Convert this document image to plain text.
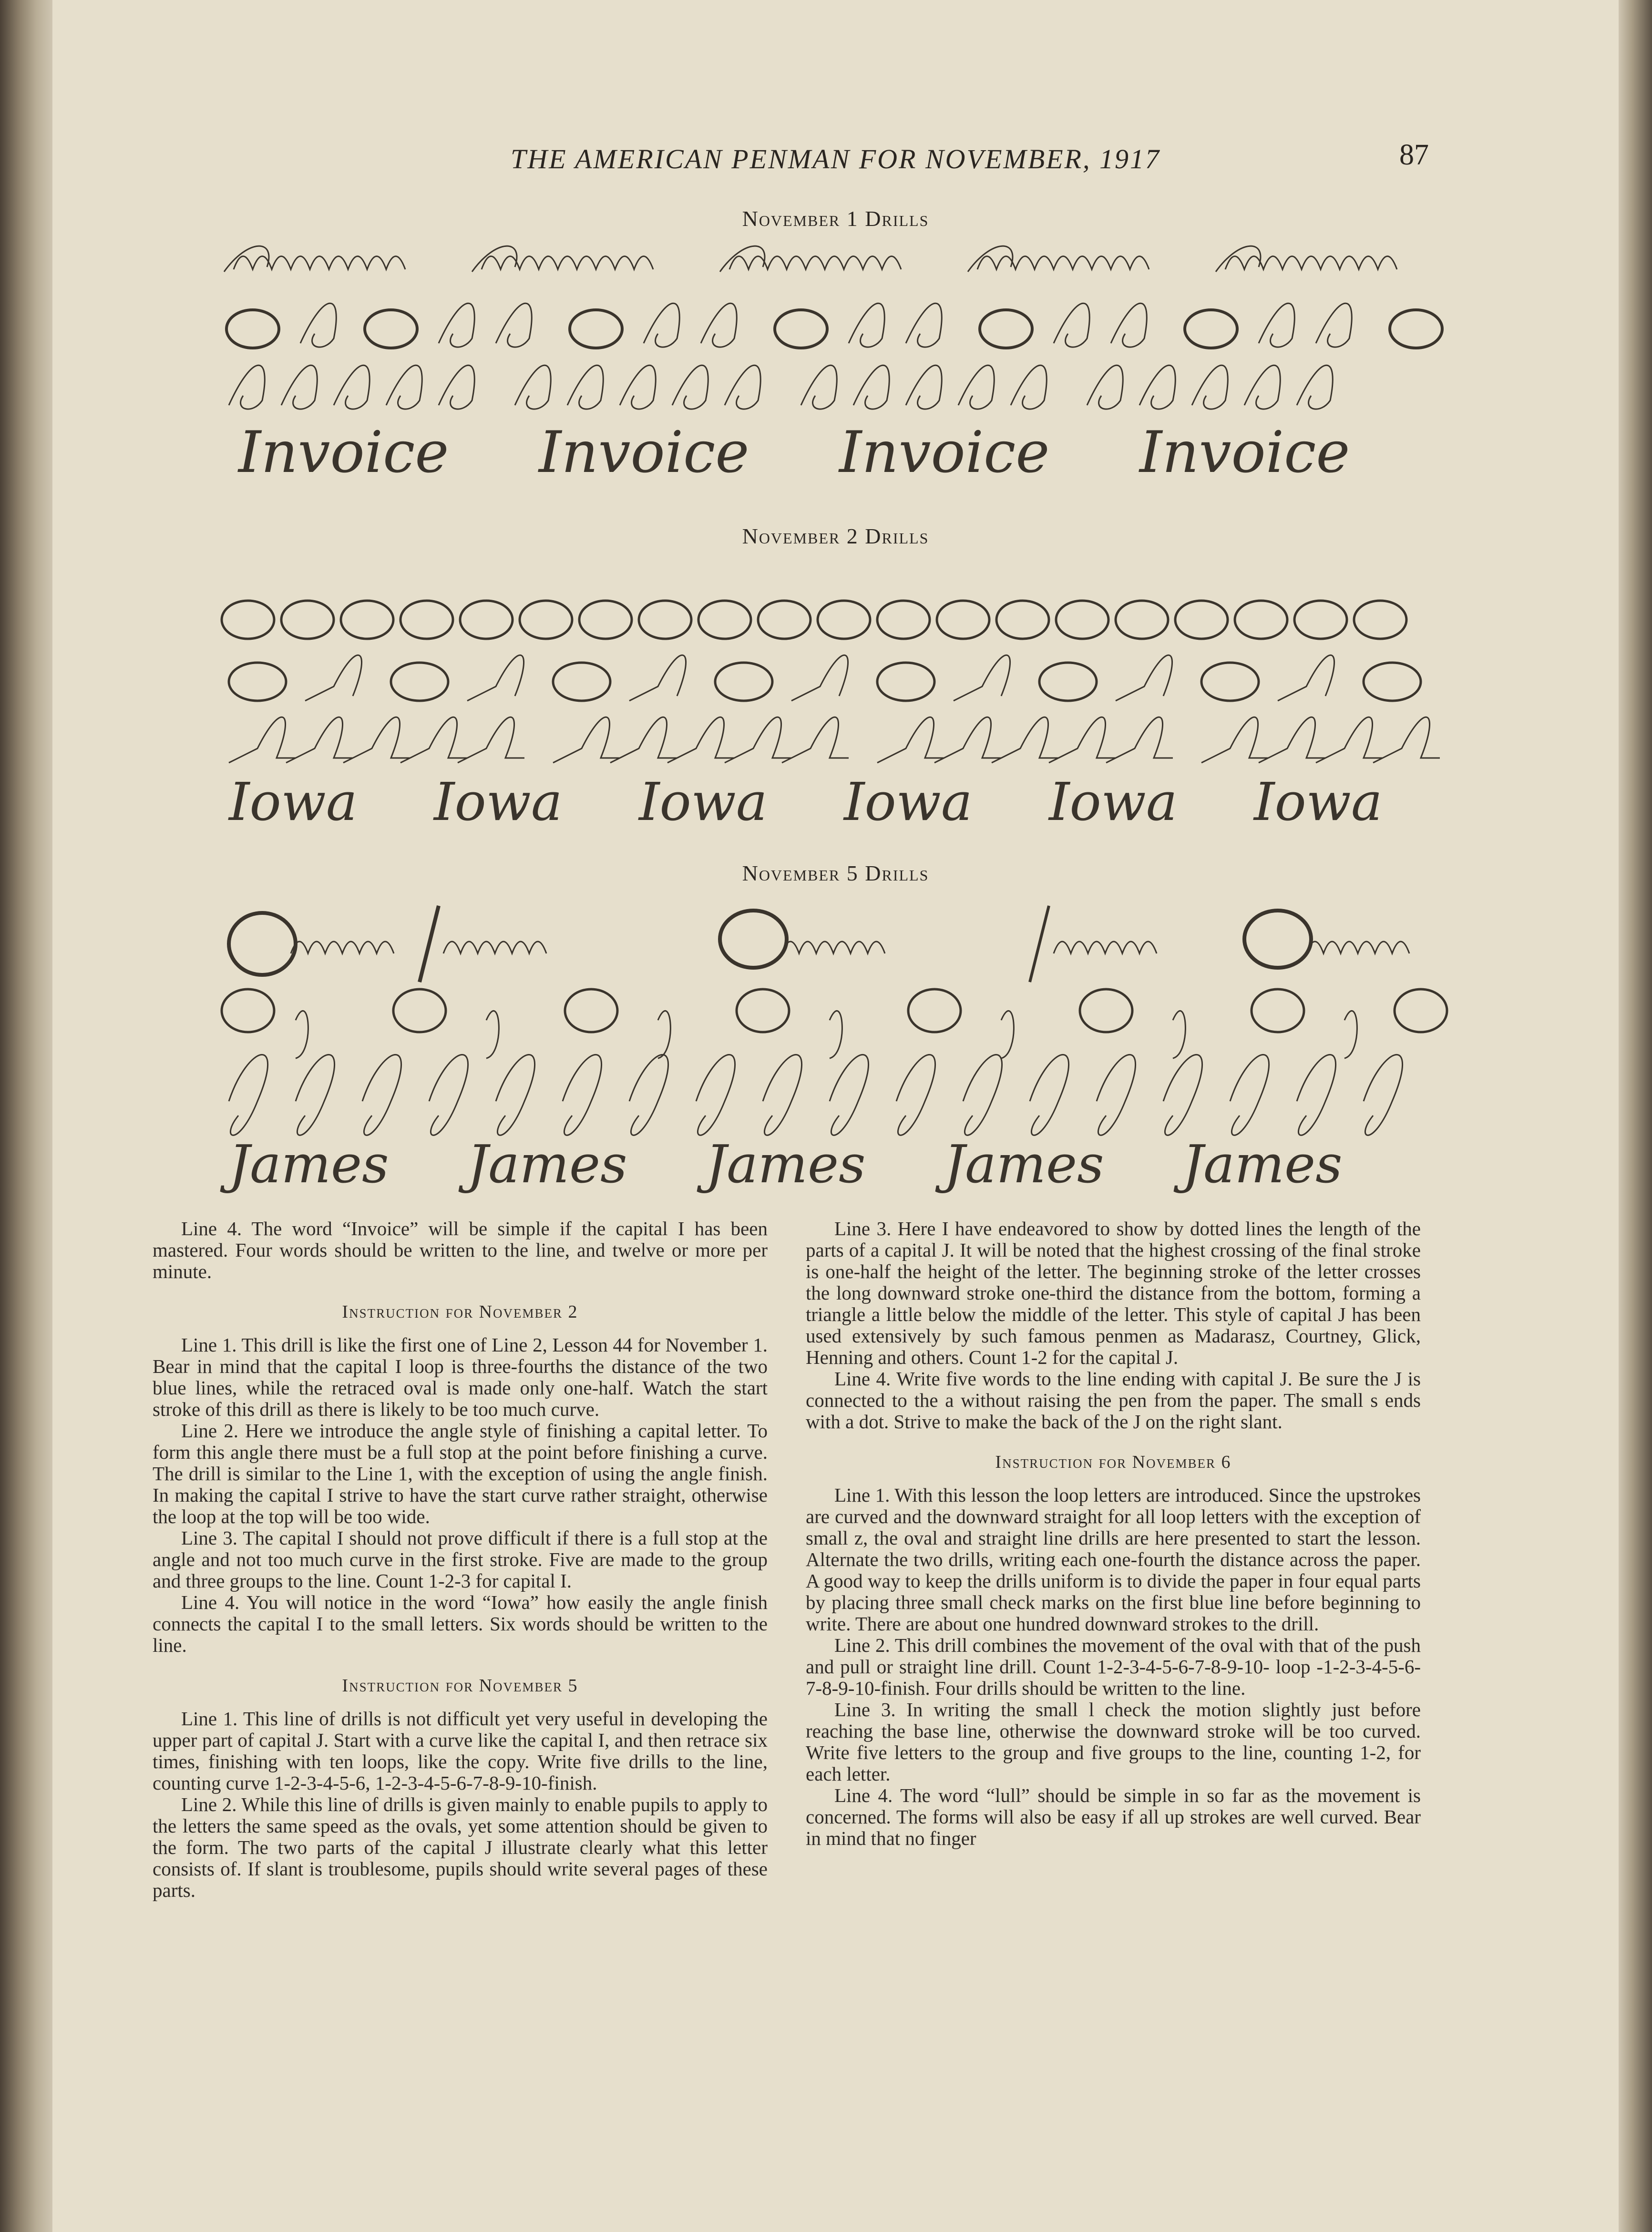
THE AMERICAN PENMAN FOR NOVEMBER, 1917	87
November 1 Drills
Invoice Invoice Invoice Invoice
November 2 Drills
Iowa Iowa Iowa Iowa Iowa Iowa
November 5 Drills
James James James James James

Line 4. The word “Invoice” will be simple if the capital I has been mastered. Four words should be written to the line, and twelve or more per minute.

Instruction for November 2

Line 1. This drill is like the first one of Line 2, Lesson 44 for November 1. Bear in mind that the capital I loop is three-fourths the distance of the two blue lines, while the retraced oval is made only one-half. Watch the start stroke of this drill as there is likely to be too much curve.

Line 2. Here we introduce the angle style of finishing a capital letter. To form this angle there must be a full stop at the point before finishing a curve. The drill is similar to the Line 1, with the exception of using the angle finish. In making the capital I strive to have the start curve rather straight, otherwise the loop at the top will be too wide.

Line 3. The capital I should not prove difficult if there is a full stop at the angle and not too much curve in the first stroke. Five are made to the group and three groups to the line. Count 1-2-3 for capital I.

Line 4. You will notice in the word “Iowa” how easily the angle finish connects the capital I to the small letters. Six words should be written to the line.

Instruction for November 5

Line 1. This line of drills is not difficult yet very useful in developing the upper part of capital J. Start with a curve like the capital I, and then retrace six times, finishing with ten loops, like the copy. Write five drills to the line, counting curve 1-2-3-4-5-6, 1-2-3-4-5-6-7-8-9-10-finish.

Line 2. While this line of drills is given mainly to enable pupils to apply to the letters the same speed as the ovals, yet some attention should be given to the form. The two parts of the capital J illustrate clearly what this letter consists of. If slant is troublesome, pupils should write several pages of these parts.

Line 3. Here I have endeavored to show by dotted lines the length of the parts of a capital J. It will be noted that the highest crossing of the final stroke is one-half the height of the letter. The beginning stroke of the letter crosses the long downward stroke one-third the distance from the bottom, forming a triangle a little below the middle of the letter. This style of capital J has been used extensively by such famous penmen as Madarasz, Courtney, Glick, Henning and others. Count 1-2 for the capital J.

Line 4. Write five words to the line ending with capital J. Be sure the J is connected to the a without raising the pen from the paper. The small s ends with a dot. Strive to make the back of the J on the right slant.

Instruction for November 6

Line 1. With this lesson the loop letters are introduced. Since the upstrokes are curved and the downward straight for all loop letters with the exception of small z, the oval and straight line drills are here presented to start the lesson. Alternate the two drills, writing each one-fourth the distance across the paper. A good way to keep the drills uniform is to divide the paper in four equal parts by placing three small check marks on the first blue line before beginning to write. There are about one hundred downward strokes to the drill.

Line 2. This drill combines the movement of the oval with that of the push and pull or straight line drill. Count 1-2-3-4-5-6-7-8-9-10- loop -1-2-3-4-5-6-7-8-9-10-finish. Four drills should be written to the line.

Line 3. In writing the small l check the motion slightly just before reaching the base line, otherwise the downward stroke will be too curved. Write five letters to the group and five groups to the line, counting 1-2, for each letter.

Line 4. The word “lull” should be simple in so far as the movement is concerned. The forms will also be easy if all up strokes are well curved. Bear in mind that no finger
